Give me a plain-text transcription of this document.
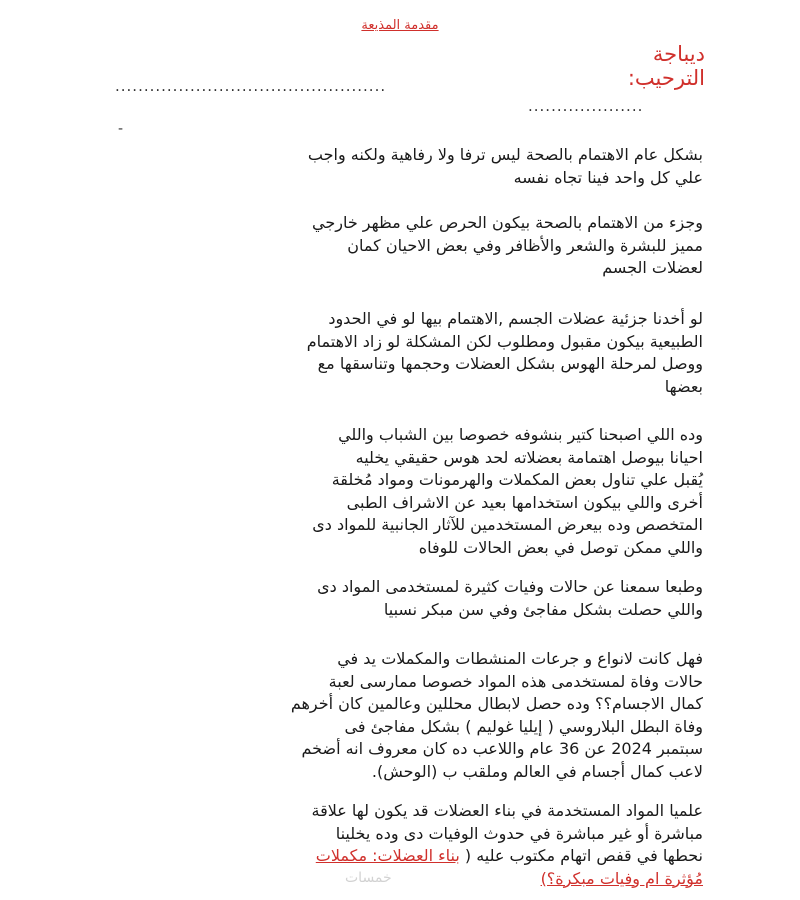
مقدمة المذيعة
ديباجة
الترحيب:
...............................................
....................
-

بشكل عام الاهتمام بالصحة ليس ترفا ولا رفاهية ولكنه واجب
علي كل واحد فينا تجاه نفسه

وجزء من الاهتمام بالصحة بيكون الحرص علي مظهر خارجي
مميز للبشرة والشعر والأظافر وفي بعض الاحيان كمان
لعضلات الجسم

لو أخدنا جزئية عضلات الجسم ,الاهتمام بيها لو في الحدود
الطبيعية بيكون مقبول ومطلوب لكن المشكلة لو زاد الاهتمام
ووصل لمرحلة الهوس بشكل العضلات وحجمها وتناسقها مع
بعضها

وده اللي اصبحنا كتير بنشوفه خصوصا بين الشباب واللي
احيانا بيوصل اهتمامة بعضلاته لحد هوس حقيقي يخليه
يُقبل علي تناول بعض المكملات والهرمونات ومواد مُخلقة
أخرى واللي بيكون استخدامها بعيد عن الاشراف الطبى
المتخصص وده بيعرض المستخدمين للآثار الجانبية للمواد دى
واللي ممكن توصل في بعض الحالات للوفاه

وطبعا سمعنا عن حالات وفيات كثيرة لمستخدمى المواد دى
واللي حصلت بشكل مفاجئ وفي سن مبكر نسبيا

فهل كانت لانواع و جرعات المنشطات والمكملات يد في
حالات وفاة لمستخدمى هذه المواد خصوصا ممارسى لعبة
كمال الاجسام؟؟ وده حصل لابطال محللين وعالمين كان أخرهم
وفاة البطل البلاروسي ( إيليا غوليم ) بشكل مفاجئ فى
سبتمبر 2024 عن 36 عام واللاعب ده كان معروف انه أضخم
لاعب كمال أجسام في العالم وملقب ب (الوحش).

علميا المواد المستخدمة في بناء العضلات قد يكون لها علاقة
مباشرة أو غير مباشرة في حدوث الوفيات دى وده يخلينا
نحطها في قفص اتهام مكتوب عليه ( بناء العضلات: مكملات
مُؤثرة ام وفيات مبكرة؟)

خمسات
